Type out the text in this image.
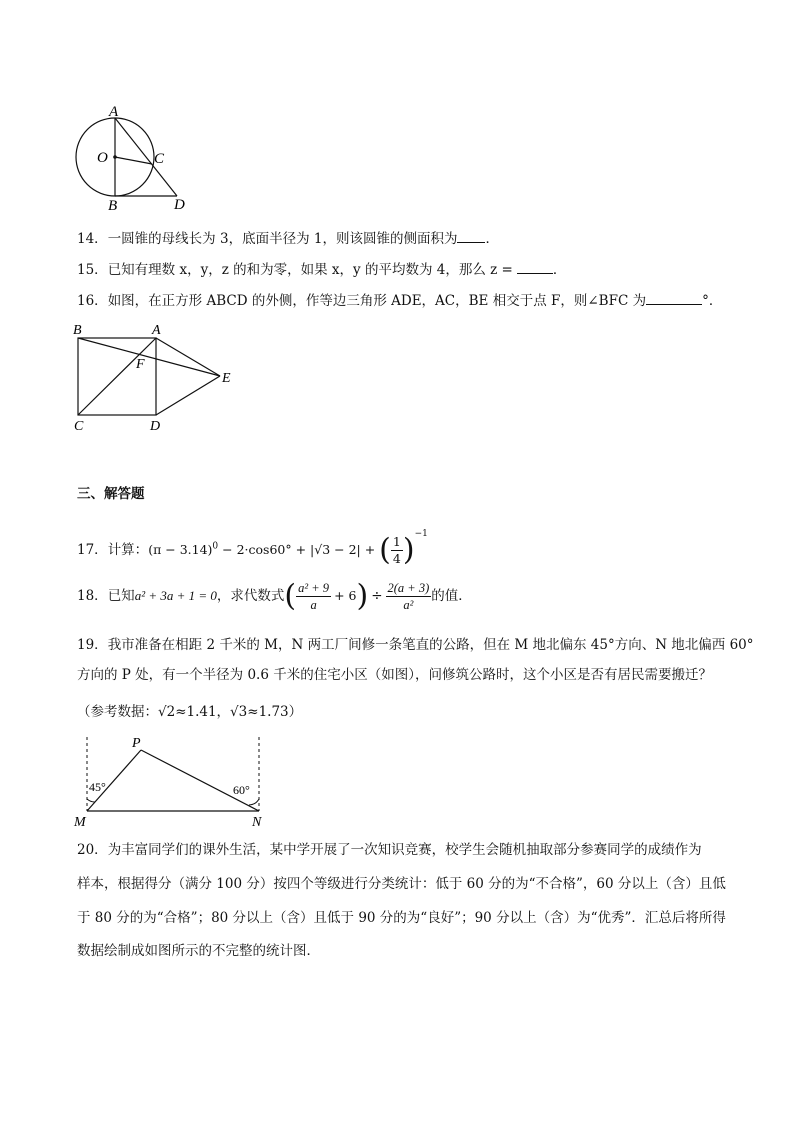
A
O	C
B	D
14．一圆锥的母线长为 3，底面半径为 1，则该圆锥的侧面积为 ．
15．已知有理数 x，y，z 的和为零，如果 x，y 的平均数为 4，那么 z =	．
16．如图，在正方形 ABCD 的外侧，作等边三角形 ADE，AC，BE 相交于点 F，则∠BFC 为	°．
B	A
F
E
C	D
三、解答题
17．计算：$(\pi - 3.14)^0 - 2\cdot\cos 60^\circ + |√3 - 2|$ + ( $\frac{1}{4} )^{-1}$
18．已知a² + 3a + 1 = 0，求代数式( $\frac{\text{a² + 9}}{a} + 6) \div \frac{2(a + 3)}{\text{a²}}$ 的值．
19．我市准备在相距 2 千米的 M，N 两工厂间修一条笔直的公路，但在 M 地北偏东 45°方向、N 地北偏西 60°
方向的 P 处，有一个半径为 0.6 千米的住宅小区（如图），问修筑公路时，这个小区是否有居民需要搬迁？
（参考数据：√2≈1.41，√3≈1.73）
P
M	N
45°	60°
20．为丰富同学们的课外生活，某中学开展了一次知识竞赛，校学生会随机抽取部分参赛同学的成绩作为
样本，根据得分（满分 100 分）按四个等级进行分类统计：低于 60 分的为“不合格”，60 分以上（含）且低
于 80 分的为“合格”；80 分以上（含）且低于 90 分的为“良好”；90 分以上（含）为“优秀”．汇总后将所得
数据绘制成如图所示的不完整的统计图．
